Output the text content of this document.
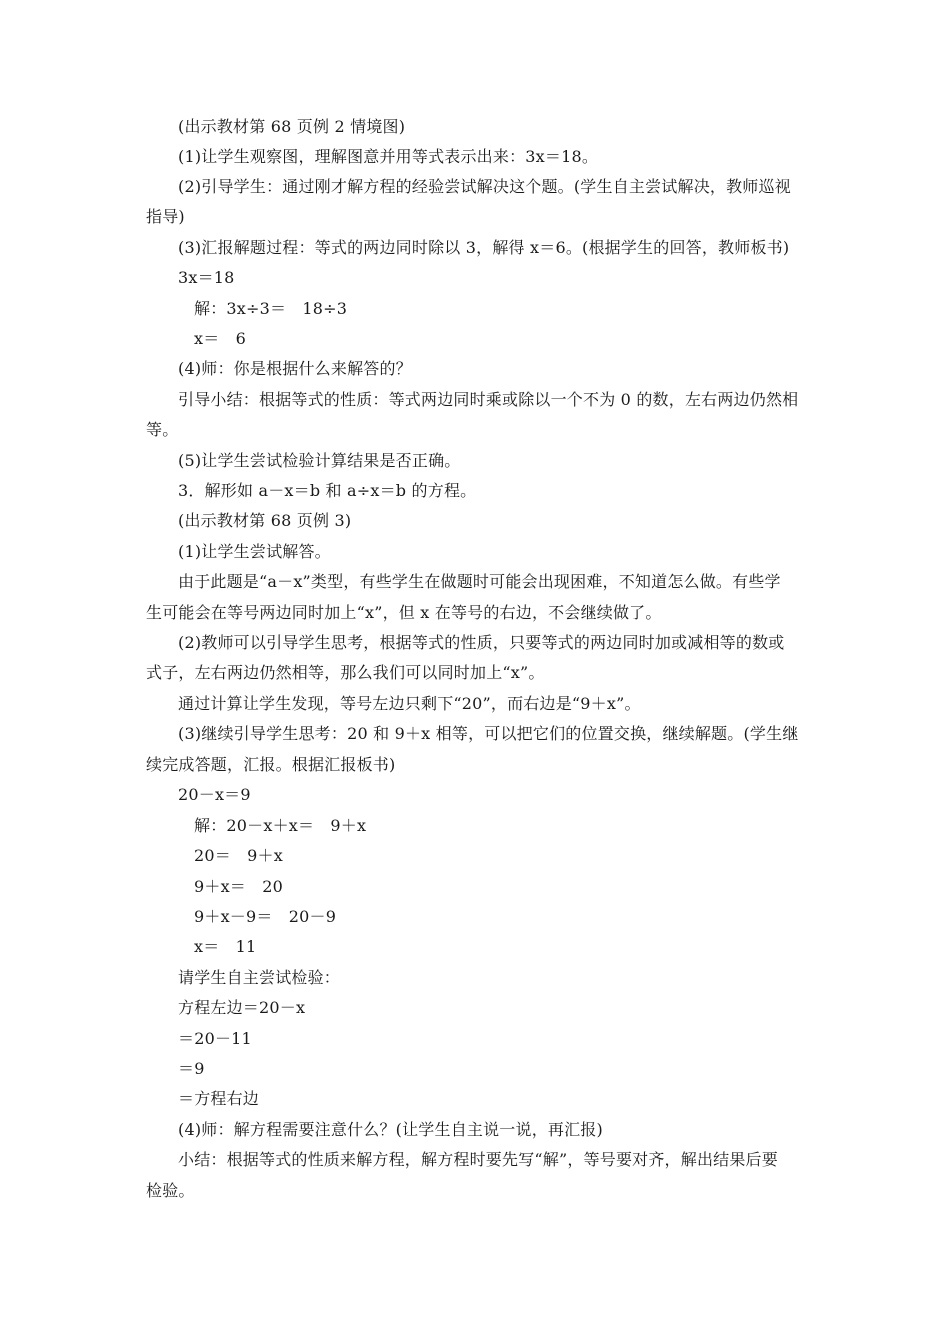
(出示教材第 68 页例 2 情境图)
(1)让学生观察图，理解图意并用等式表示出来：3x＝18。
(2)引导学生：通过刚才解方程的经验尝试解决这个题。(学生自主尝试解决，教师巡视
指导)
(3)汇报解题过程：等式的两边同时除以 3，解得 x＝6。(根据学生的回答，教师板书)
3x＝18
解：3x÷3＝　18÷3
x＝　6
(4)师：你是根据什么来解答的？
引导小结：根据等式的性质：等式两边同时乘或除以一个不为 0 的数，左右两边仍然相
等。
(5)让学生尝试检验计算结果是否正确。
3．解形如 a－x＝b 和 a÷x＝b 的方程。
(出示教材第 68 页例 3)
(1)让学生尝试解答。
由于此题是“a－x”类型，有些学生在做题时可能会出现困难，不知道怎么做。有些学
生可能会在等号两边同时加上“x”，但 x 在等号的右边，不会继续做了。
(2)教师可以引导学生思考，根据等式的性质，只要等式的两边同时加或减相等的数或
式子，左右两边仍然相等，那么我们可以同时加上“x”。
通过计算让学生发现，等号左边只剩下“20”，而右边是“9＋x”。
(3)继续引导学生思考：20 和 9＋x 相等，可以把它们的位置交换，继续解题。(学生继
续完成答题，汇报。根据汇报板书)
20－x＝9
解：20－x＋x＝　9＋x
20＝　9＋x
9＋x＝　20
9＋x－9＝　20－9
x＝　11
请学生自主尝试检验：
方程左边＝20－x
＝20－11
＝9
＝方程右边
(4)师：解方程需要注意什么？(让学生自主说一说，再汇报)
小结：根据等式的性质来解方程，解方程时要先写“解”，等号要对齐，解出结果后要
检验。
